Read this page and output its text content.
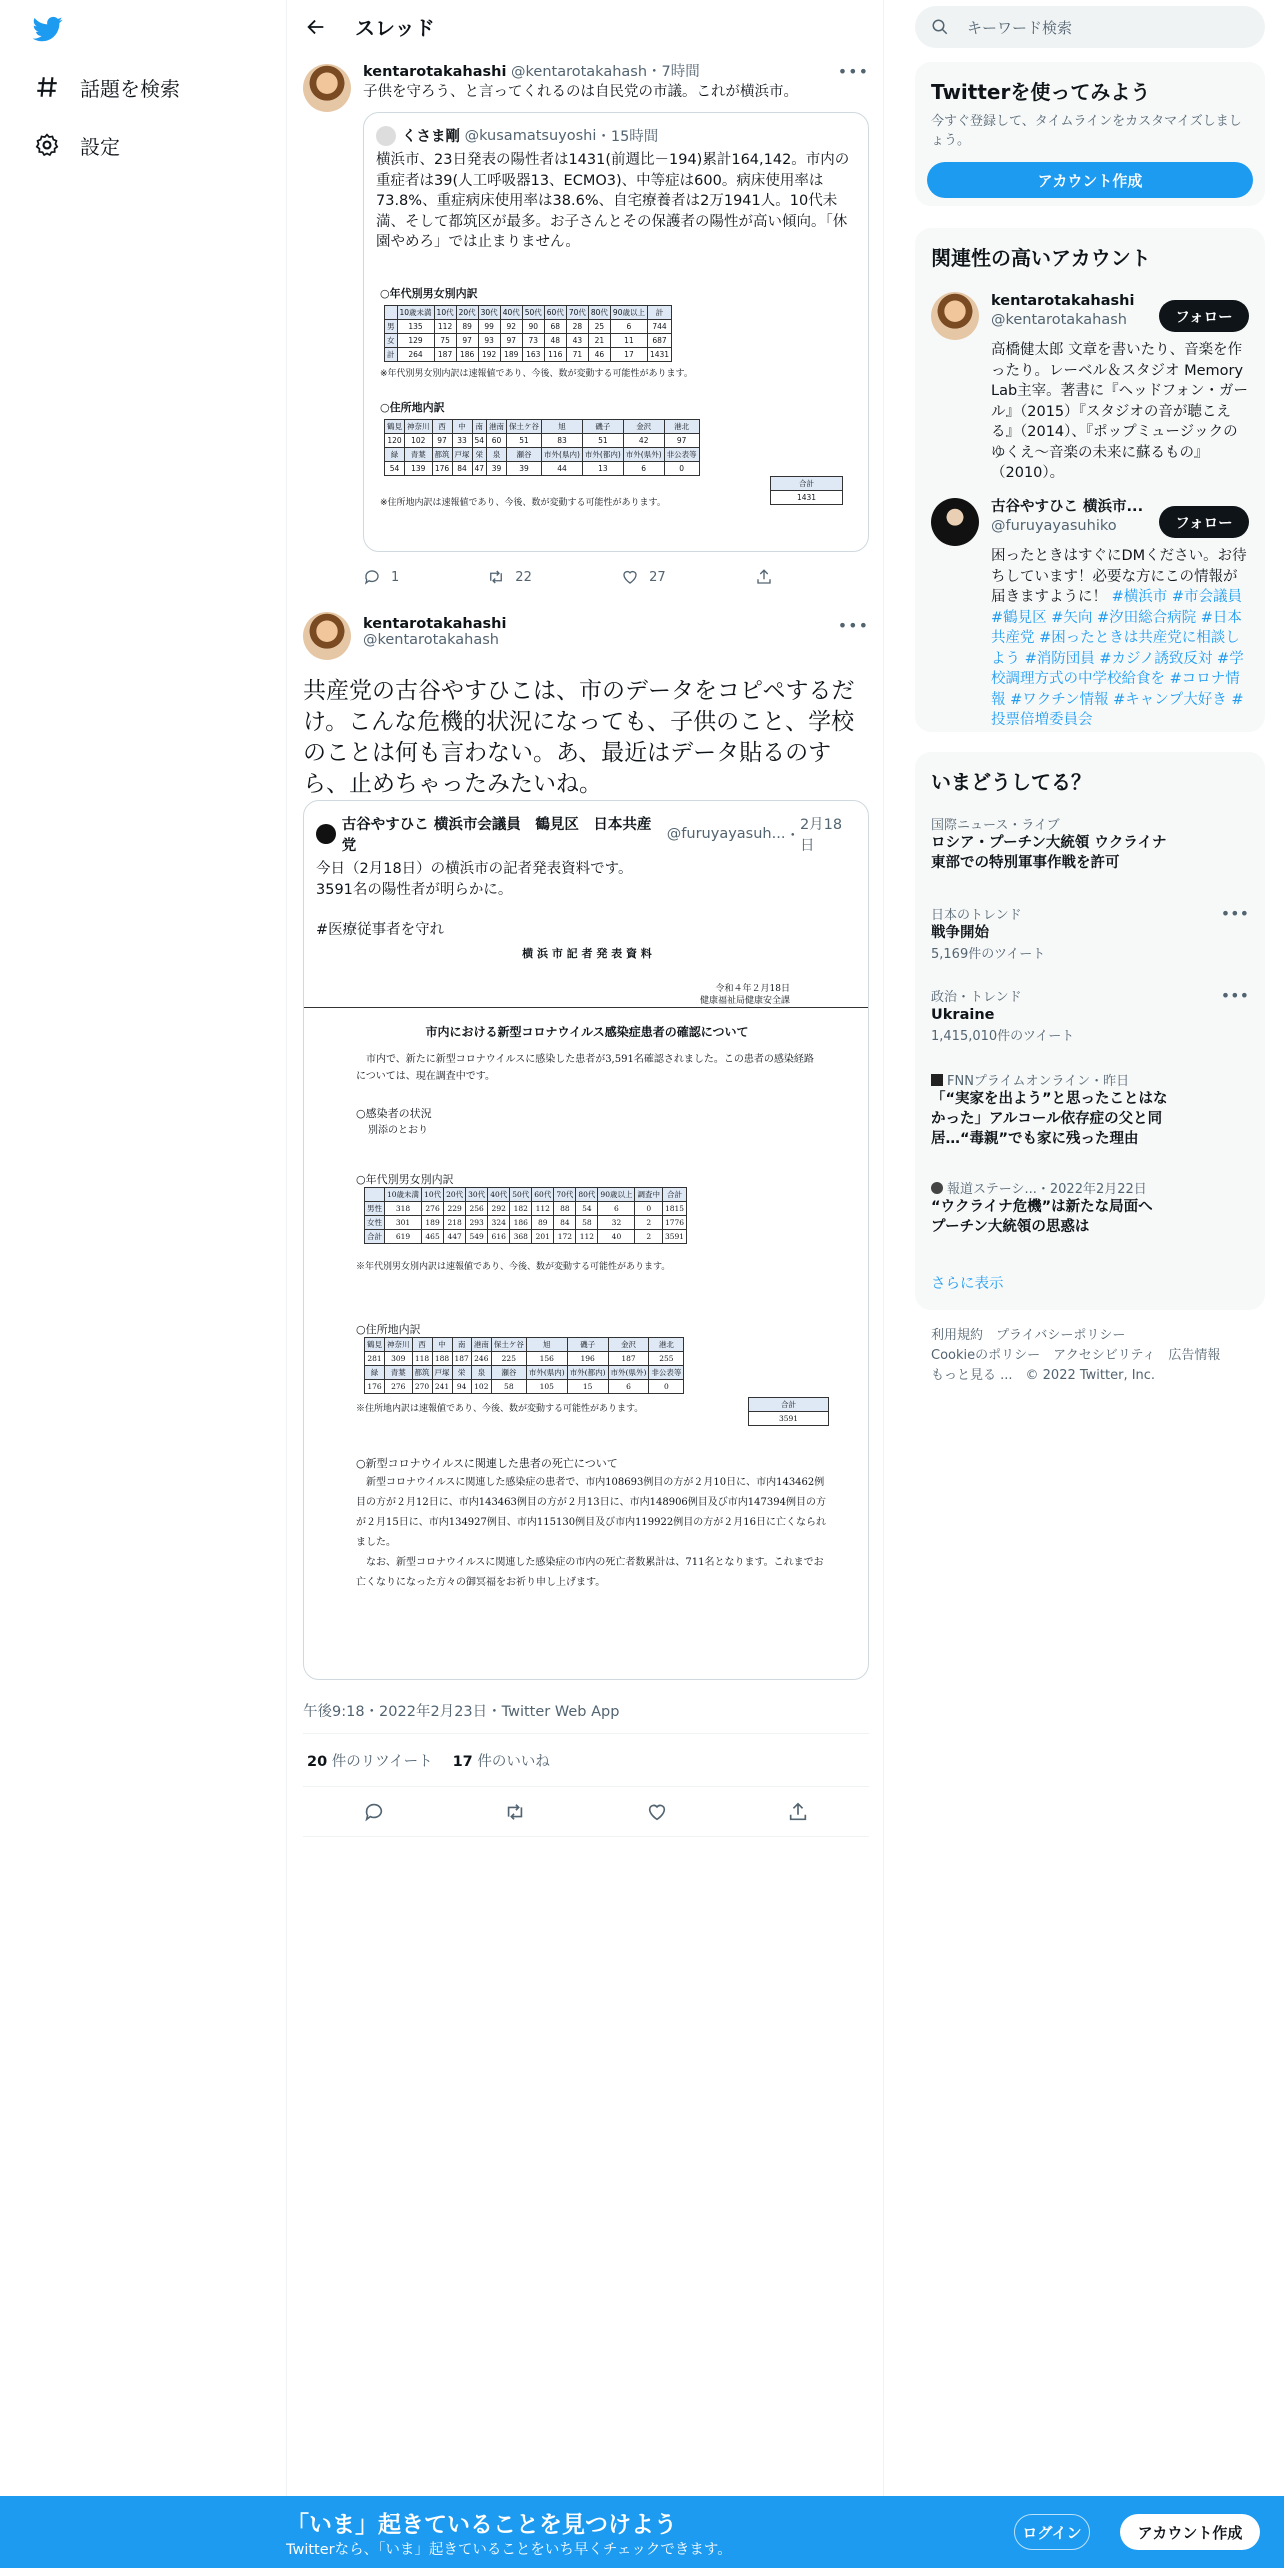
話題を検索
設定
スレッド
kentarotakahashi @kentarotakahash・7時間	•••
子供を守ろう、と言ってくれるのは自民党の市議。これが横浜市。
くさま剛
@kusamatsuyoshi ・ 15時間
横浜市、23日発表の陽性者は1431(前週比－194)累計164,142。市内の重症者は39(人工呼吸器13、ECMO3)、中等症は600。病床使用率は73.8%、重症病床使用率は38.6%、自宅療養者は2万1941人。10代未満、そして都筑区が最多。お子さんとその保護者の陽性が高い傾向。「休園やめろ」では止まりません。
○年代別男女別内訳
	10歳未満	10代	20代	30代	40代	50代	60代	70代	80代	90歳以上	計
男	135	112	89	99	92	90	68	28	25	6	744
女	129	75	97	93	97	73	48	43	21	11	687
計	264	187	186	192	189	163	116	71	46	17	1431
※年代別男女別内訳は速報値であり、今後、数が変動する可能性があります。
○住所地内訳
鶴見	神奈川	西	中	南	港南	保土ケ谷	旭	磯子	金沢	港北
120	102	97	33	54	60	51	83	51	42	97
緑	青葉	都筑	戸塚	栄	泉	瀬谷	市外(県内)	市外(都内)	市外(県外)	非公表等
54	139	176	84	47	39	39	44	13	6	0
合計
1431
※住所地内訳は速報値であり、今後、数が変動する可能性があります。
1	22	27
kentarotakahashi
@kentarotakahash
•••
共産党の古谷やすひこは、市のデータをコピペするだけ。こんな危機的状況になっても、子供のこと、学校のことは何も言わない。あ、最近はデータ貼るのすら、止めちゃったみたいね。
古谷やすひこ 横浜市会議員　鶴見区　日本共産党

@furuyayasuh... ・
2月18日
今日（2月18日）の横浜市の記者発表資料です。
3591名の陽性者が明らかに。
#医療従事者を守れ
横 浜 市 記 者 発 表 資 料
令和４年２月18日
健康福祉局健康安全課
市内における新型コロナウイルス感染症患者の確認について
市内で、新たに新型コロナウイルスに感染した患者が3,591名確認されました。この患者の感染経路については、現在調査中です。
○感染者の状況
別添のとおり
○年代別男女別内訳
	10歳未満	10代	20代	30代	40代	50代	60代	70代	80代	90歳以上	調査中	合計
男性	318	276	229	256	292	182	112	88	54	6	0	1815
女性	301	189	218	293	324	186	89	84	58	32	2	1776
合計	619	465	447	549	616	368	201	172	112	40	2	3591
※年代別男女別内訳は速報値であり、今後、数が変動する可能性があります。
○住所地内訳
鶴見	神奈川	西	中	南	港南	保土ケ谷	旭	磯子	金沢	港北
281	309	118	188	187	246	225	156	196	187	255
緑	青葉	都筑	戸塚	栄	泉	瀬谷	市外(県内)	市外(都内)	市外(県外)	非公表等
176	276	270	241	94	102	58	105	15	6	0
※住所地内訳は速報値であり、今後、数が変動する可能性があります。	合計
3591
○新型コロナウイルスに関連した患者の死亡について
新型コロナウイルスに関連した感染症の患者で、市内108693例目の方が２月10日に、市内143462例目の方が２月12日に、市内143463例目の方が２月13日に、市内148906例目及び市内147394例目の方が２月15日に、市内134927例目、市内115130例目及び市内119922例目の方が２月16日に亡くなられました。
なお、新型コロナウイルスに関連した感染症の市内の死亡者数累計は、711名となります。これまでお亡くなりになった方々の御冥福をお祈り申し上げます。
午後9:18・2022年2月23日・Twitter Web App
20 件のリツイート 17 件のいいね
キーワード検索
Twitterを使ってみよう
今すぐ登録して、タイムラインをカスタマイズしましょう。
アカウント作成
関連性の高いアカウント
kentarotakahashi
@kentarotakahash	フォロー
高橋健太郎 文章を書いたり、音楽を作ったり。レーベル＆スタジオ Memory Lab主宰。著書に『ヘッドフォン・ガール』（2015）『スタジオの音が聴こえる』（2014）、『ポップミュージックのゆくえ〜音楽の未来に蘇るもの』（2010）。
古谷やすひこ 横浜市...
@furuyayasuhiko	フォロー
困ったときはすぐにDMください。お待ちしています！必要な方にこの情報が届きますように！ #横浜市 #市会議員 #鶴見区 #矢向 #汐田総合病院 #日本共産党 #困ったときは共産党に相談しよう #消防団員 #カジノ誘致反対 #学校調理方式の中学校給食を #コロナ情報 #ワクチン情報 #キャンプ大好き #投票倍増委員会
いまどうしてる？
国際ニュース・ライブ
ロシア・プーチン大統領 ウクライナ東部での特別軍事作戦を許可
日本のトレンド
戦争開始
5,169件のツイート
•••
政治・トレンド
Ukraine
1,415,010件のツイート
•••
FNNプライムオンライン・昨日
「“実家を出よう”と思ったことはなかった」アルコール依存症の父と同居…“毒親”でも家に残った理由
報道ステーシ...・2022年2月22日
“ウクライナ危機”は新たな局面へ プーチン大統領の思惑は
さらに表示
利用規約　プライバシーポリシー
Cookieのポリシー　アクセシビリティ　広告情報
もっと見る ...　© 2022 Twitter, Inc.
「いま」起きていることを見つけよう
Twitterなら、「いま」起きていることをいち早くチェックできます。
ログイン	アカウント作成
